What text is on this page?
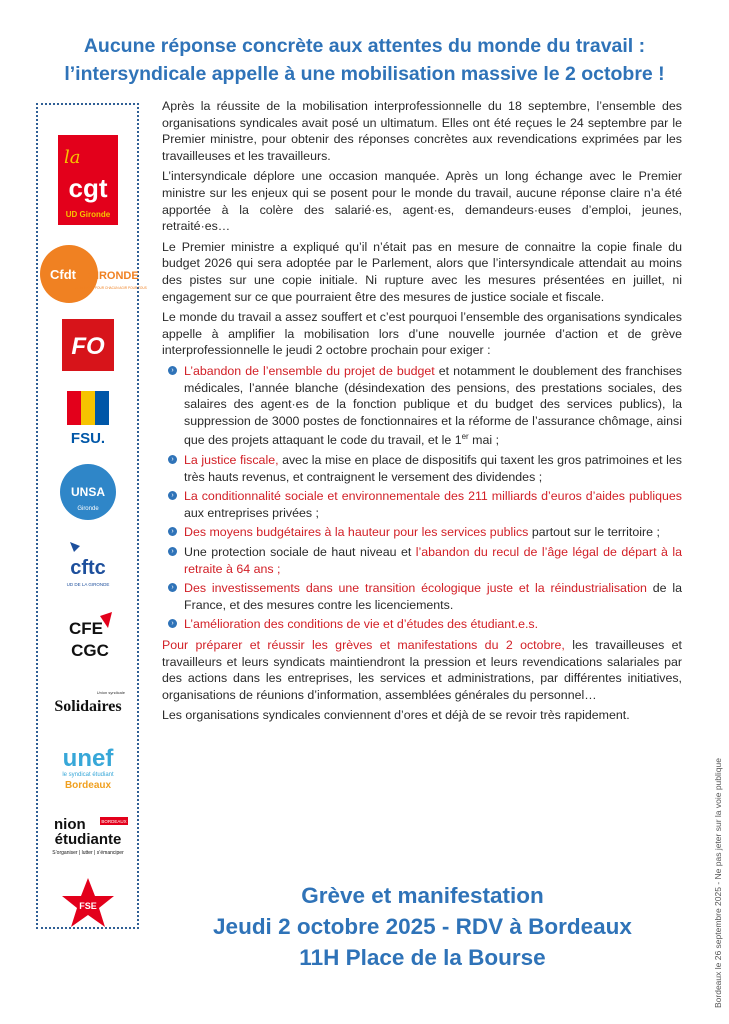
Aucune réponse concrète aux attentes du monde du travail :
l’intersyndicale appelle à une mobilisation massive le 2 octobre !
la
cgt
UD Gironde
Cfdt GIRONDE
S’ENGAGER POUR CHACUN AGIR POUR TOUS
FO
FSU.
UNSA
Gironde
cftc
UD DE LA GIRONDE
CFE
CGC
Union syndicale
Solidaires
unef
le syndicat étudiant
Bordeaux
nion	BORDEAUX
étudiante
S’organiser | lutter | s’émanciper
FSE

Après la réussite de la mobilisation interprofessionnelle du 18 septembre, l’ensemble des organisations syndicales avait posé un ultimatum. Elles ont été reçues le 24 septembre par le Premier ministre, pour obtenir des réponses concrètes aux revendications exprimées par les travailleuses et les travailleurs.

L’intersyndicale déplore une occasion manquée. Après un long échange avec le Premier ministre sur les enjeux qui se posent pour le monde du travail, aucune réponse claire n’a été apportée à la colère des salarié·es, agent·es, demandeurs·euses d’emploi, jeunes, retraité·es…

Le Premier ministre a expliqué qu’il n’était pas en mesure de connaitre la copie finale du budget 2026 qui sera adoptée par le Parlement, alors que l’intersyndicale attendait au moins des pistes sur une copie initiale. Ni rupture avec les mesures présentées en juillet, ni engagement sur ce que pourraient être des mesures de justice sociale et fiscale.

Le monde du travail a assez souffert et c’est pourquoi l’ensemble des organisations syndicales appelle à amplifier la mobilisation lors d’une nouvelle journée d’action et de grève interprofessionnelle le jeudi 2 octobre prochain pour exiger :

› L’abandon de l’ensemble du projet de budget et notamment le doublement des franchises médicales, l’année blanche (désindexation des pensions, des prestations sociales, des salaires des agent·es de la fonction publique et du budget des services publics), la suppression de 3000 postes de fonctionnaires et la réforme de l’assurance chômage, ainsi que des projets attaquant le code du travail, et le 1er mai ;
› La justice fiscale, avec la mise en place de dispositifs qui taxent les gros patrimoines et les très hauts revenus, et contraignent le versement des dividendes ;
› La conditionnalité sociale et environnementale des 211 milliards d’euros d’aides publiques aux entreprises privées ;
› Des moyens budgétaires à la hauteur pour les services publics partout sur le territoire ;
› Une protection sociale de haut niveau et l’abandon du recul de l’âge légal de départ à la retraite à 64 ans ;
› Des investissements dans une transition écologique juste et la réindustrialisation de la France, et des mesures contre les licenciements.
› L’amélioration des conditions de vie et d’études des étudiant.e.s.

Pour préparer et réussir les grèves et manifestations du 2 octobre, les travailleuses et travailleurs et leurs syndicats maintiendront la pression et leurs revendications salariales par des actions dans les entreprises, les services et administrations, par différentes initiatives, organisations de réunions d’information, assemblées générales du personnel…

Les organisations syndicales conviennent d’ores et déjà de se revoir très rapidement.

Grève et manifestation
Jeudi 2 octobre 2025 - RDV à Bordeaux
11H Place de la Bourse	Bordeaux le 26 septembre 2025 - Ne pas jeter sur la voie publique
